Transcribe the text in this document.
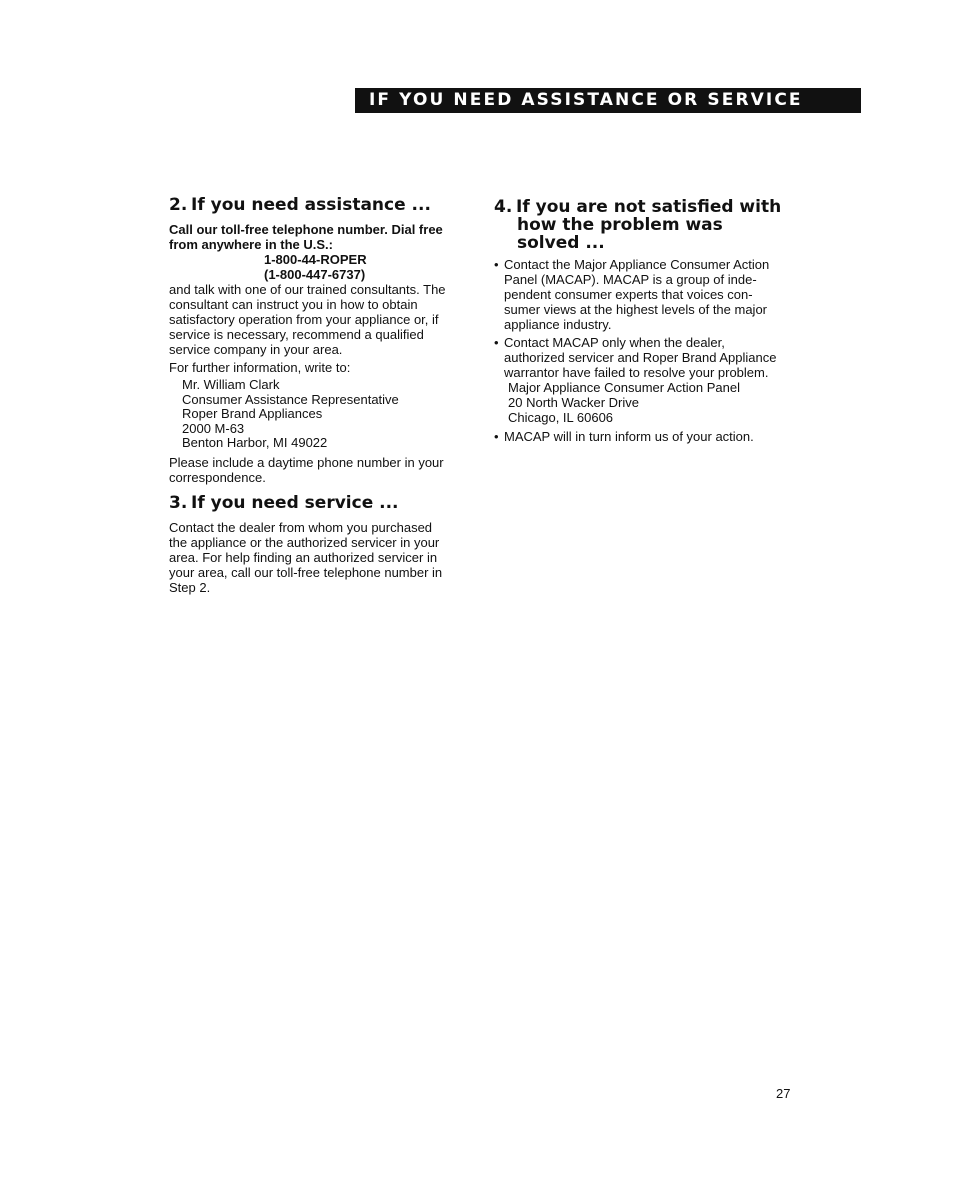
IF YOU NEED ASSISTANCE OR SERVICE
2. If you need assistance ...

Call our toll-free telephone number. Dial free

from anywhere in the U.S.:

1-800-44-ROPER
(1-800-447-6737)

and talk with one of our trained consultants. The

consultant can instruct you in how to obtain

satisfactory operation from your appliance or, if

service is necessary, recommend a qualified

service company in your area.

For further information, write to:

Mr. William Clark
Consumer Assistance Representative
Roper Brand Appliances
2000 M-63
Benton Harbor, MI 49022

Please include a daytime phone number in your

correspondence.

3. If you need service ...

Contact the dealer from whom you purchased

the appliance or the authorized servicer in your

area. For help finding an authorized servicer in

your area, call our toll-free telephone number in

Step 2.

4. If you are not satisfied with
how the problem was
solved ...
• Contact the Major Appliance Consumer Action
Panel (MACAP). MACAP is a group of inde-
pendent consumer experts that voices con-
sumer views at the highest levels of the major
appliance industry.
• Contact MACAP only when the dealer,
authorized servicer and Roper Brand Appliance
warrantor have failed to resolve your problem.
Major Appliance Consumer Action Panel
20 North Wacker Drive
Chicago, IL 60606
• MACAP will in turn inform us of your action.
27
